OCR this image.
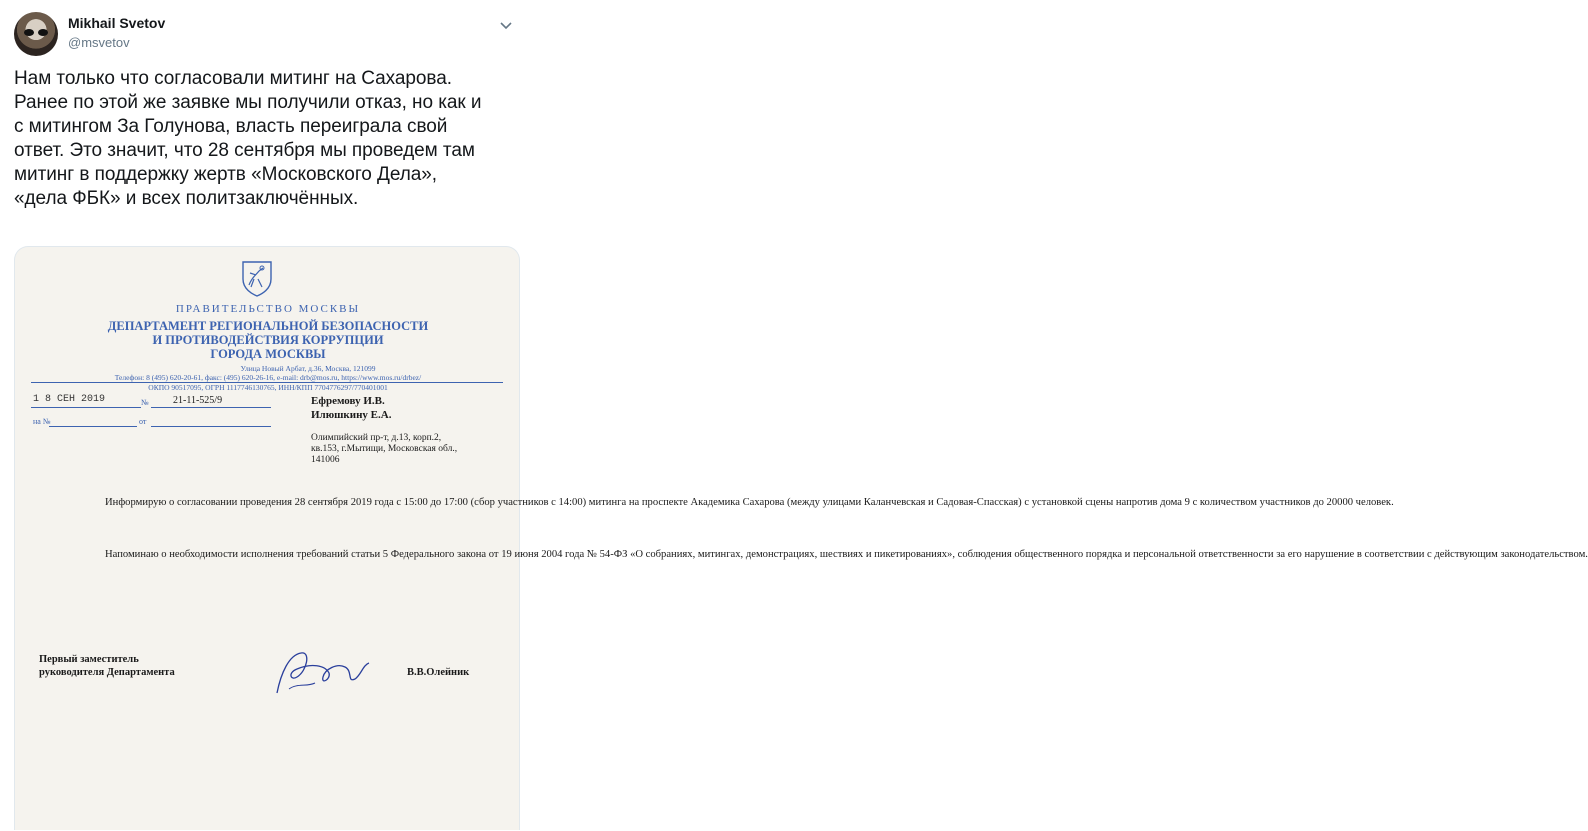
Mikhail Svetov
@msvetov
Нам только что согласовали митинг на Сахарова.
Ранее по этой же заявке мы получили отказ, но как и
с митингом За Голунова, власть переиграла свой
ответ. Это значит, что 28 сентября мы проведем там
митинг в поддержку жертв «Московского Дела»,
«дела ФБК» и всех политзаключённых.
ПРАВИТЕЛЬСТВО МОСКВЫ
ДЕПАРТАМЕНТ РЕГИОНАЛЬНОЙ БЕЗОПАСНОСТИ
И ПРОТИВОДЕЙСТВИЯ КОРРУПЦИИ
ГОРОДА МОСКВЫ
Улица Новый Арбат, д.36, Москва, 121099
Телефон: 8 (495) 620-20-61, факс: (495) 620-26-16, e-mail: drb@mos.ru, https://www.mos.ru/drbez/
ОКПО 90517095, ОГРН 1117746130765, ИНН/КПП 7704776297/770401001
1 8 СЕН 2019	№ 21-11-525/9
на №	от
Ефремову И.В.
Илюшкину Е.А.
Олимпийский пр-т, д.13, корп.2,
кв.153, г.Мытищи, Московская обл.,
141006
Информирую о согласовании проведения 28 сентября 2019 года с 15:00 до 17:00 (сбор участников с 14:00) митинга на проспекте Академика Сахарова (между улицами Каланчевская и Садовая-Спасская) с установкой сцены напротив дома 9 с количеством участников до 20000 человек.
Напоминаю о необходимости исполнения требований статьи 5 Федерального закона от 19 июня 2004 года № 54-ФЗ «О собраниях, митингах, демонстрациях, шествиях и пикетированиях», соблюдения общественного порядка и персональной ответственности за его нарушение в соответствии с действующим законодательством.
Первый заместитель
руководителя Департамента	В.В.Олейник
